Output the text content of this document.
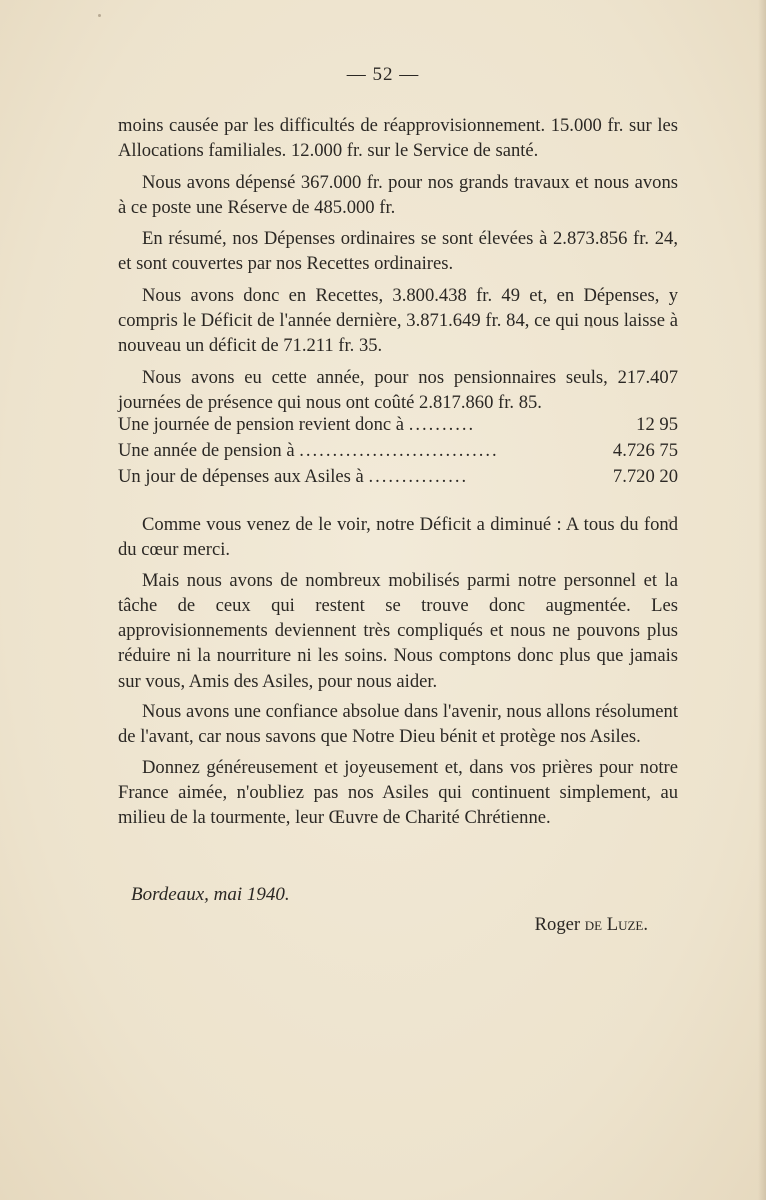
— 52 —

moins causée par les difficultés de réapprovisionnement. 15.000 fr. sur les Allocations familiales. 12.000 fr. sur le Service de santé.

Nous avons dépensé 367.000 fr. pour nos grands travaux et nous avons à ce poste une Réserve de 485.000 fr.

En résumé, nos Dépenses ordinaires se sont élevées à 2.873.856 fr. 24, et sont couvertes par nos Recettes ordinaires.

Nous avons donc en Recettes, 3.800.438 fr. 49 et, en Dépenses, y compris le Déficit de l'année dernière, 3.871.649 fr. 84, ce qui nous laisse à nouveau un déficit de 71.211 fr. 35.

Nous avons eu cette année, pour nos pensionnaires seuls, 217.407 journées de présence qui nous ont coûté 2.817.860 fr. 85.

Une journée de pension revient donc à ..........	12 95
Une année de pension à ..............................	4.726 75
Un jour de dépenses aux Asiles à ...............	7.720 20

Comme vous venez de le voir, notre Déficit a diminué : A tous du fond du cœur merci.

Mais nous avons de nombreux mobilisés parmi notre personnel et la tâche de ceux qui restent se trouve donc augmentée. Les approvisionnements deviennent très compliqués et nous ne pouvons plus réduire ni la nourriture ni les soins. Nous comptons donc plus que jamais sur vous, Amis des Asiles, pour nous aider.

Nous avons une confiance absolue dans l'avenir, nous allons résolument de l'avant, car nous savons que Notre Dieu bénit et protège nos Asiles.

Donnez généreusement et joyeusement et, dans vos prières pour notre France aimée, n'oubliez pas nos Asiles qui continuent simplement, au milieu de la tourmente, leur Œuvre de Charité Chrétienne.

Bordeaux, mai 1940.
Roger de Luze.
